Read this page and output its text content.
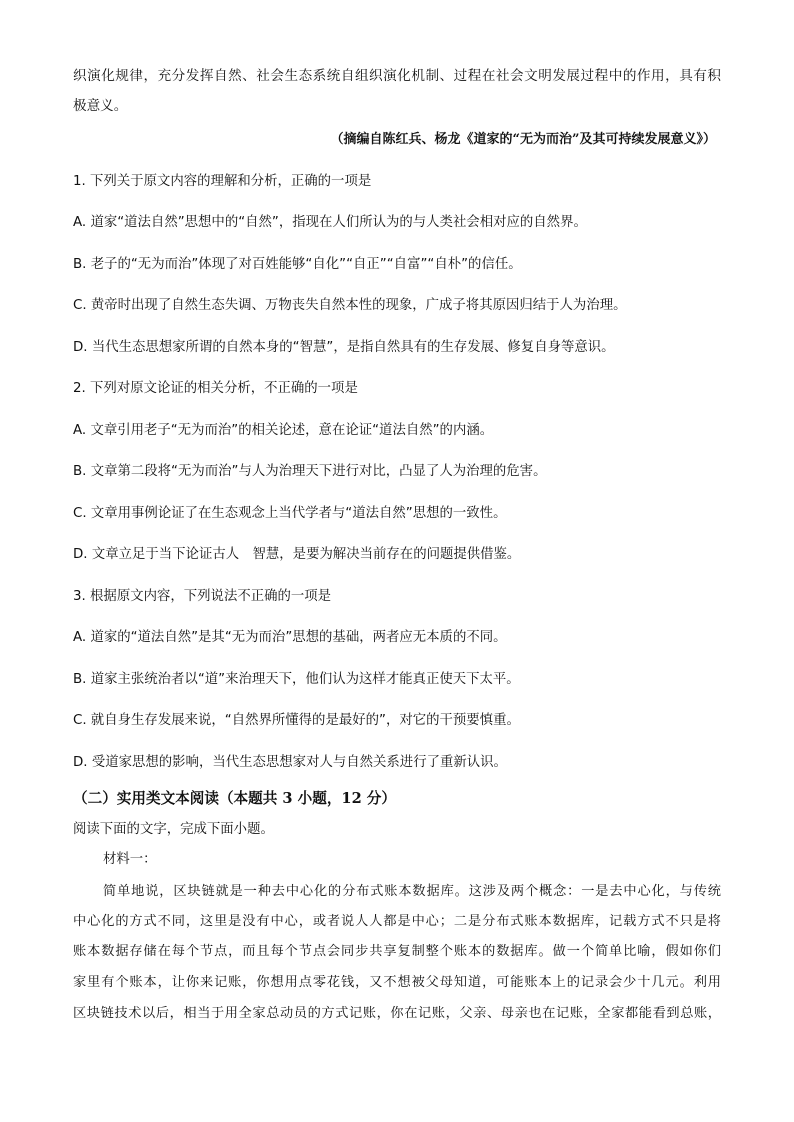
织演化规律，充分发挥自然、社会生态系统自组织演化机制、过程在社会文明发展过程中的作用，具有积

极意义。

（摘编自陈红兵、杨龙《道家的“无为而治”及其可持续发展意义》）

1. 下列关于原文内容的理解和分析，正确的一项是

A. 道家“道法自然”思想中的“自然”，指现在人们所认为的与人类社会相对应的自然界。

B. 老子的“无为而治”体现了对百姓能够“自化”“自正”“自富”“自朴”的信任。

C. 黄帝时出现了自然生态失调、万物丧失自然本性的现象，广成子将其原因归结于人为治理。

D. 当代生态思想家所谓的自然本身的“智慧”，是指自然具有的生存发展、修复自身等意识。

2. 下列对原文论证的相关分析，不正确的一项是

A. 文章引用老子“无为而治”的相关论述，意在论证“道法自然”的内涵。

B. 文章第二段将“无为而治”与人为治理天下进行对比，凸显了人为治理的危害。

C. 文章用事例论证了在生态观念上当代学者与“道法自然”思想的一致性。

D. 文章立足于当下论证古人　智慧，是要为解决当前存在的问题提供借鉴。

3. 根据原文内容，下列说法不正确的一项是

A. 道家的“道法自然”是其“无为而治”思想的基础，两者应无本质的不同。

B. 道家主张统治者以“道”来治理天下，他们认为这样才能真正使天下太平。

C. 就自身生存发展来说，“自然界所懂得的是最好的”，对它的干预要慎重。

D. 受道家思想的影响，当代生态思想家对人与自然关系进行了重新认识。

（二）实用类文本阅读（本题共 3 小题，12 分）

阅读下面的文字，完成下面小题。

材料一：

简单地说，区块链就是一种去中心化的分布式账本数据库。这涉及两个概念：一是去中心化，与传统

中心化的方式不同，这里是没有中心，或者说人人都是中心；二是分布式账本数据库，记载方式不只是将

账本数据存储在每个节点，而且每个节点会同步共享复制整个账本的数据库。做一个简单比喻，假如你们

家里有个账本，让你来记账，你想用点零花钱，又不想被父母知道，可能账本上的记录会少十几元。利用

区块链技术以后，相当于用全家总动员的方式记账，你在记账，父亲、母亲也在记账，全家都能看到总账，
